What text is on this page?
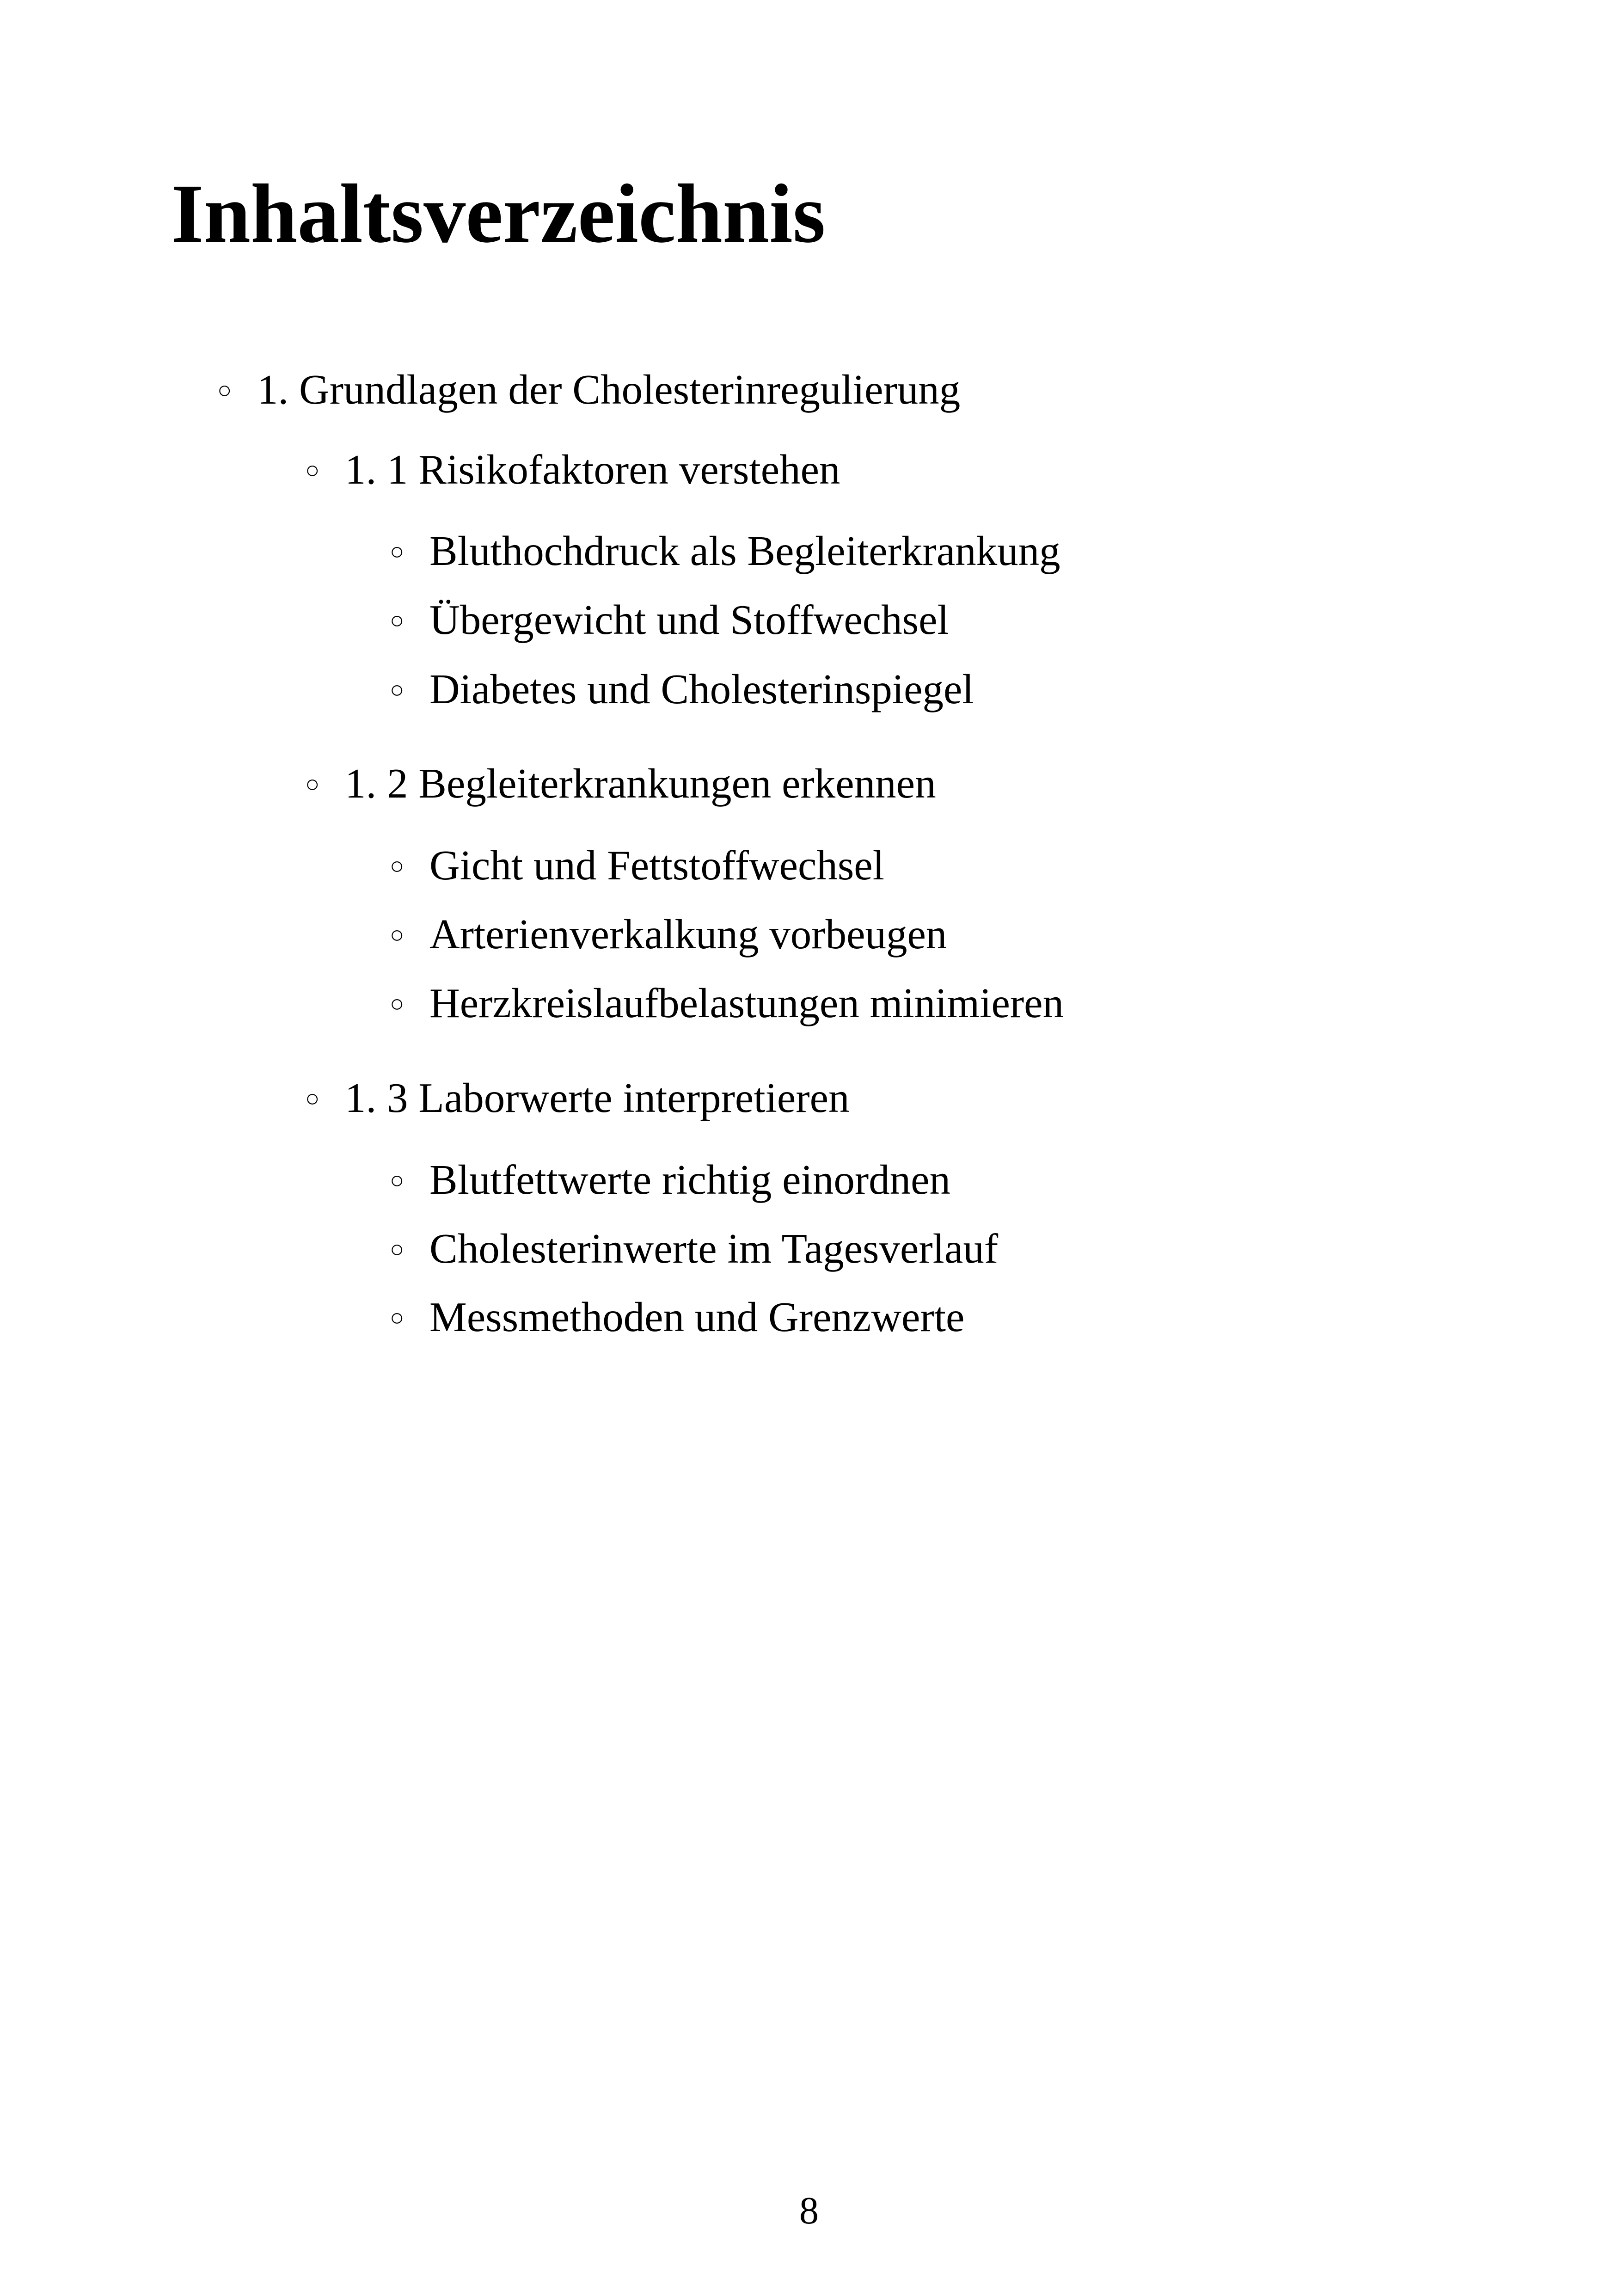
Inhaltsverzeichnis
○ 1. Grundlagen der Cholesterinregulierung
○ 1. 1 Risikofaktoren verstehen
○ Bluthochdruck als Begleiterkrankung
○ Übergewicht und Stoffwechsel
○ Diabetes und Cholesterinspiegel
○ 1. 2 Begleiterkrankungen erkennen
○ Gicht und Fettstoffwechsel
○ Arterienverkalkung vorbeugen
○ Herzkreislaufbelastungen minimieren
○ 1. 3 Laborwerte interpretieren
○ Blutfettwerte richtig einordnen
○ Cholesterinwerte im Tagesverlauf
○ Messmethoden und Grenzwerte
8
